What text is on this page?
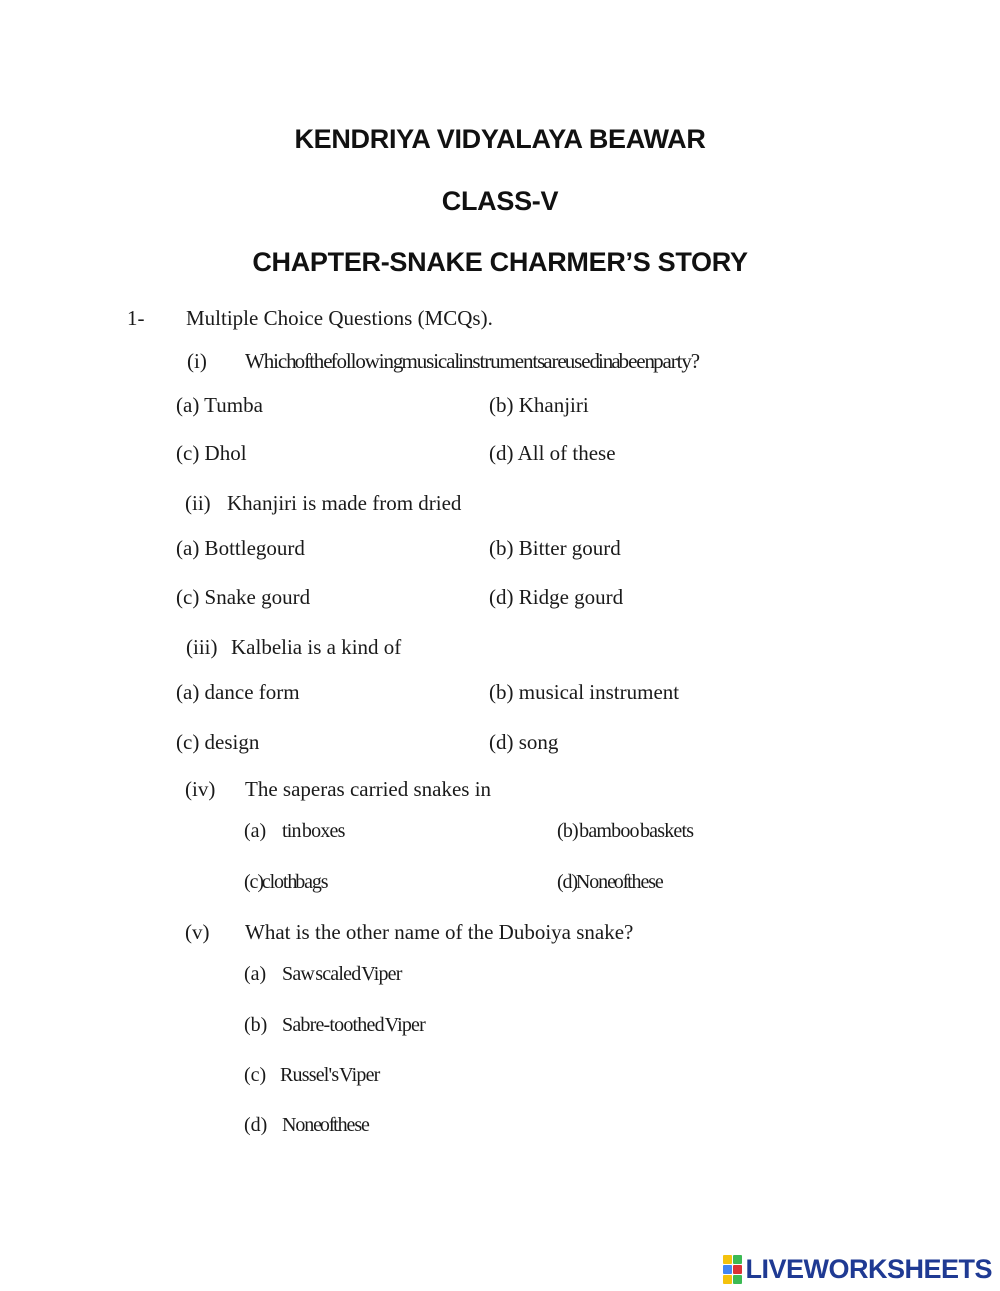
KENDRIYA VIDYALAYA BEAWAR
CLASS-V
CHAPTER-SNAKE CHARMER’S STORY
1- Multiple Choice Questions (MCQs).
(i) Which of the following musical instruments are used in a been party?
(a) Tumba	(b) Khanjiri
(c) Dhol	(d) All of these
(ii) Khanjiri is made from dried
(a) Bottlegourd	(b) Bitter gourd
(c) Snake gourd	(d) Ridge gourd
(iii) Kalbelia is a kind of
(a) dance form	(b) musical instrument
(c) design	(d) song
(iv) The saperas carried snakes in
(a) tin boxes	(b) bamboo baskets
(c) cloth bags	(d) None of these
(v) What is the other name of the Duboiya snake?
(a) Saw scaled Viper
(b) Sabre-toothed Viper
(c) Russel's Viper
(d) None of these
LIVEWORKSHEETS
